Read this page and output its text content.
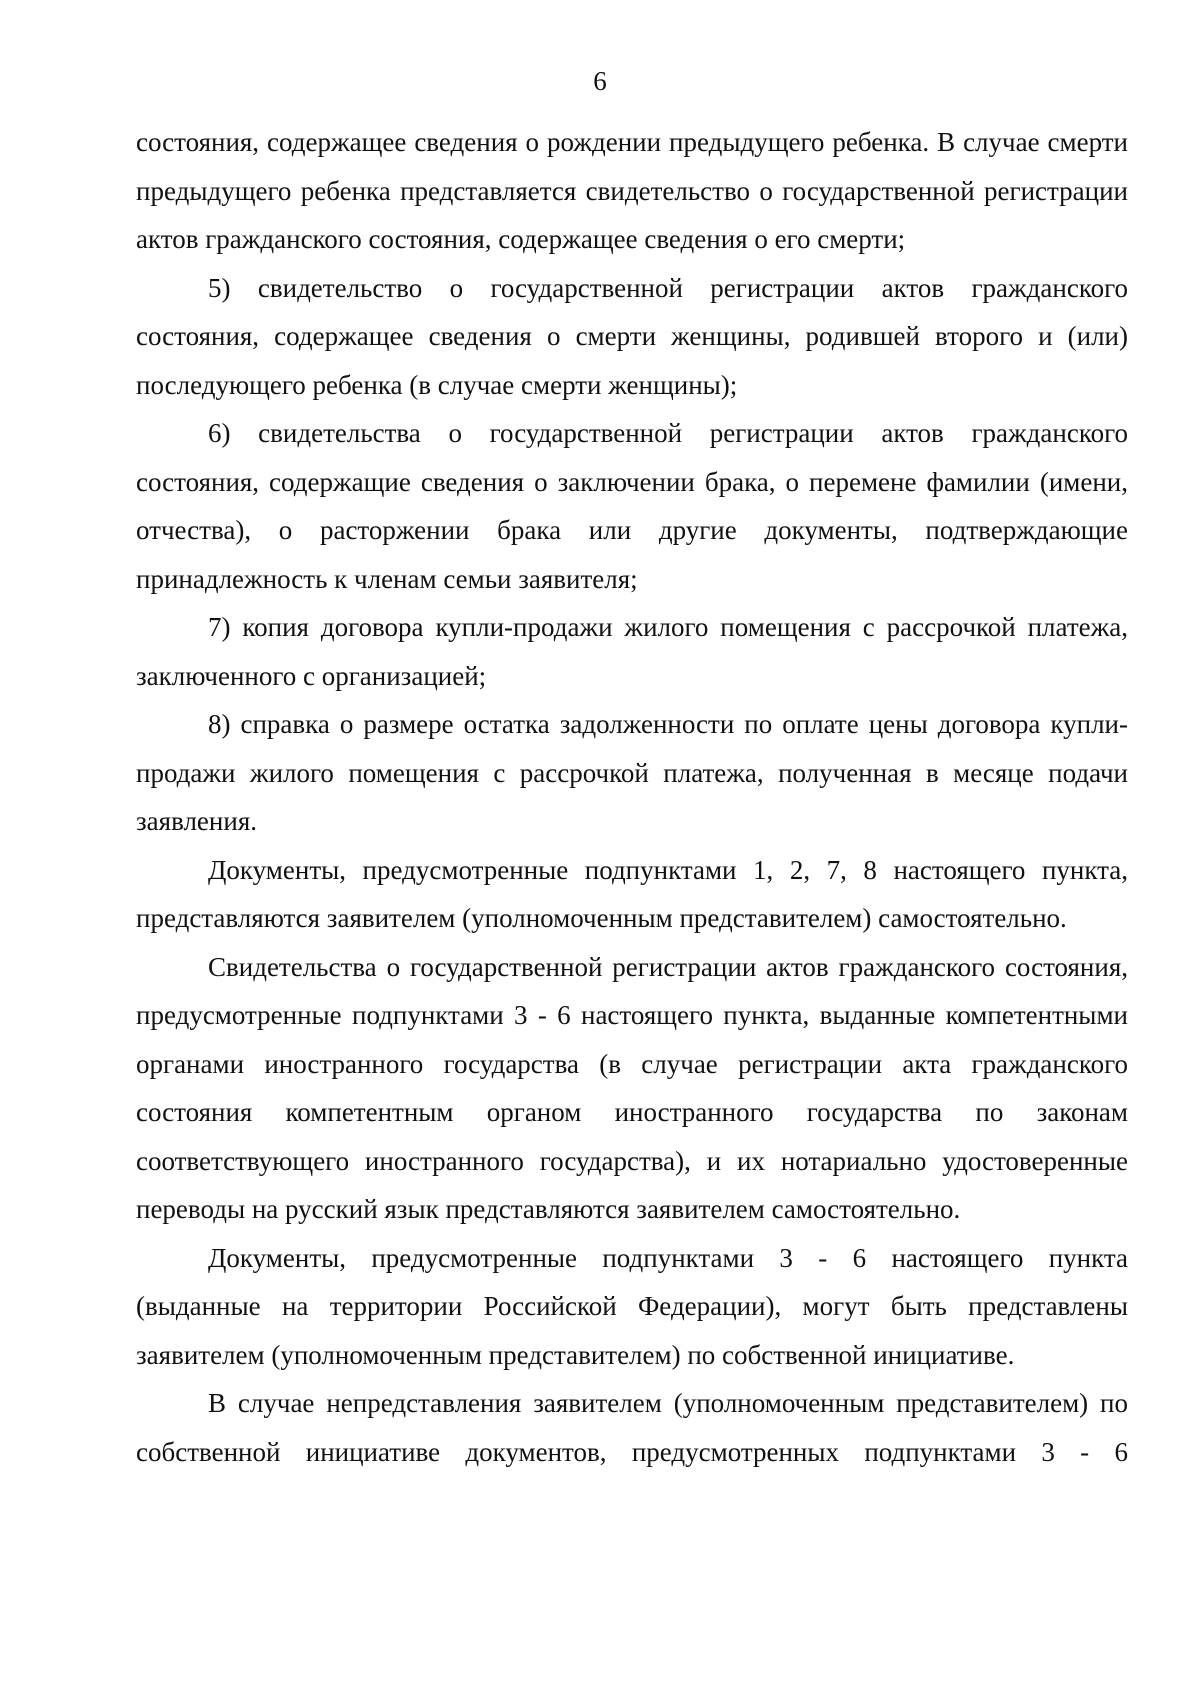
6

состояния, содержащее сведения о рождении предыдущего ребенка. В случае смерти предыдущего ребенка представляется свидетельство о государственной регистрации актов гражданского состояния, содержащее сведения о его смерти;

5) свидетельство о государственной регистрации актов гражданского состояния, содержащее сведения о смерти женщины, родившей второго и (или) последующего ребенка (в случае смерти женщины);

6) свидетельства о государственной регистрации актов гражданского состояния, содержащие сведения о заключении брака, о перемене фамилии (имени, отчества), о расторжении брака или другие документы, подтверждающие принадлежность к членам семьи заявителя;

7) копия договора купли-продажи жилого помещения с рассрочкой платежа, заключенного с организацией;

8) справка о размере остатка задолженности по оплате цены договора купли-продажи жилого помещения с рассрочкой платежа, полученная в месяце подачи заявления.

Документы, предусмотренные подпунктами 1, 2, 7, 8 настоящего пункта, представляются заявителем (уполномоченным представителем) самостоятельно.

Свидетельства о государственной регистрации актов гражданского состояния, предусмотренные подпунктами 3 - 6 настоящего пункта, выданные компетентными органами иностранного государства (в случае регистрации акта гражданского состояния компетентным органом иностранного государства по законам соответствующего иностранного государства), и их нотариально удостоверенные переводы на русский язык представляются заявителем самостоятельно.

Документы, предусмотренные подпунктами 3 - 6 настоящего пункта (выданные на территории Российской Федерации), могут быть представлены заявителем (уполномоченным представителем) по собственной инициативе.

В случае непредставления заявителем (уполномоченным представителем) по собственной инициативе документов, предусмотренных подпунктами 3 - 6
